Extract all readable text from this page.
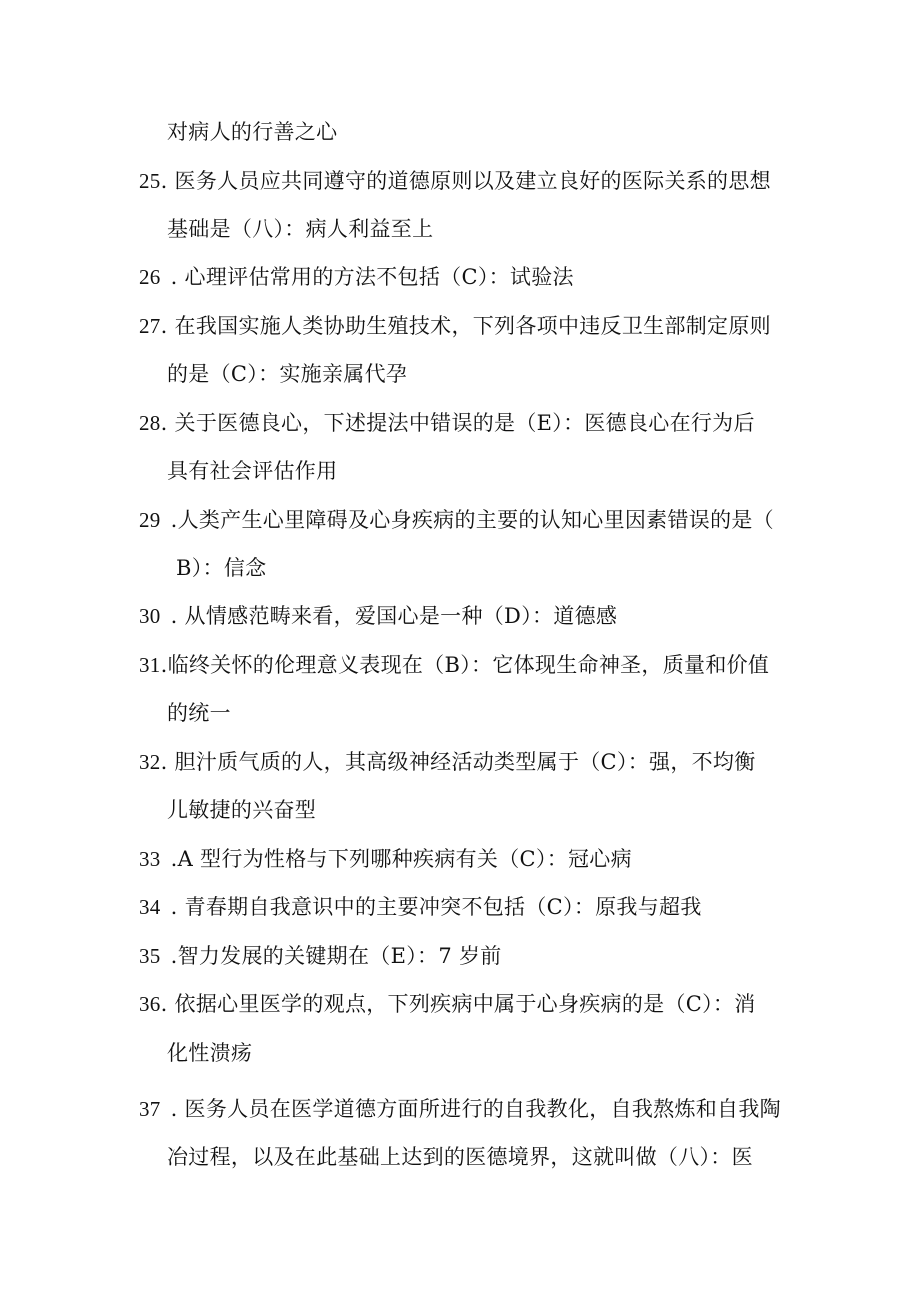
对病人的行善之心
25. 医务人员应共同遵守的道德原则以及建立良好的医际关系的思想
基础是（八）：病人利益至上
26 . 心理评估常用的方法不包括（C）：试验法
27. 在我国实施人类协助生殖技术，下列各项中违反卫生部制定原则
的是（C）：实施亲属代孕
28. 关于医德良心，下述提法中错误的是（E）：医德良心在行为后
具有社会评估作用
29 .人类产生心里障碍及心身疾病的主要的认知心里因素错误的是（
B）：信念
30 . 从情感范畴来看，爱国心是一种（D）：道德感
31.临终关怀的伦理意义表现在（B）：它体现生命神圣，质量和价值
的统一
32. 胆汁质气质的人，其高级神经活动类型属于（C）：强，不均衡
儿敏捷的兴奋型
33 .A 型行为性格与下列哪种疾病有关（C）：冠心病
34 . 青春期自我意识中的主要冲突不包括（C）：原我与超我
35 .智力发展的关键期在（E）：7 岁前
36. 依据心里医学的观点，下列疾病中属于心身疾病的是（C）：消
化性溃疡
37 . 医务人员在医学道德方面所进行的自我教化，自我熬炼和自我陶
冶过程，以及在此基础上达到的医德境界，这就叫做（八）：医
